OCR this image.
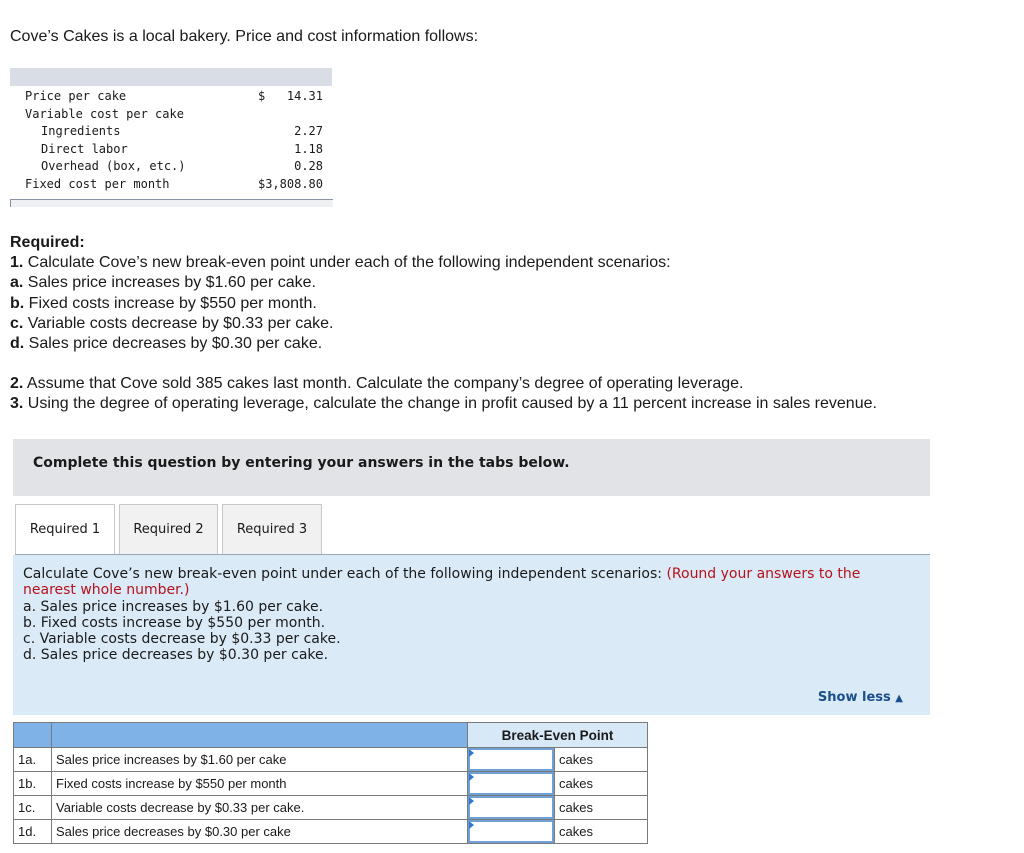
Cove’s Cakes is a local bakery. Price and cost information follows:
Price per cake	$   14.31
Variable cost per cake	
Ingredients	2.27
Direct labor	1.18
Overhead (box, etc.)	0.28
Fixed cost per month	$3,808.80
Required:
1. Calculate Cove’s new break-even point under each of the following independent scenarios:
a. Sales price increases by $1.60 per cake.
b. Fixed costs increase by $550 per month.
c. Variable costs decrease by $0.33 per cake.
d. Sales price decreases by $0.30 per cake.
2. Assume that Cove sold 385 cakes last month. Calculate the company’s degree of operating leverage.
3. Using the degree of operating leverage, calculate the change in profit caused by a 11 percent increase in sales revenue.
Complete this question by entering your answers in the tabs below.
Required 1	Required 2	Required 3
Calculate Cove’s new break-even point under each of the following independent scenarios: (Round your answers to the nearest whole number.)
a. Sales price increases by $1.60 per cake.
b. Fixed costs increase by $550 per month.
c. Variable costs decrease by $0.33 per cake.
d. Sales price decreases by $0.30 per cake.
Show less ▲
		Break-Even Point	
1a.	Sales price increases by $1.60 per cake		cakes
1b.	Fixed costs increase by $550 per month		cakes
1c.	Variable costs decrease by $0.33 per cake.		cakes
1d.	Sales price decreases by $0.30 per cake		cakes
